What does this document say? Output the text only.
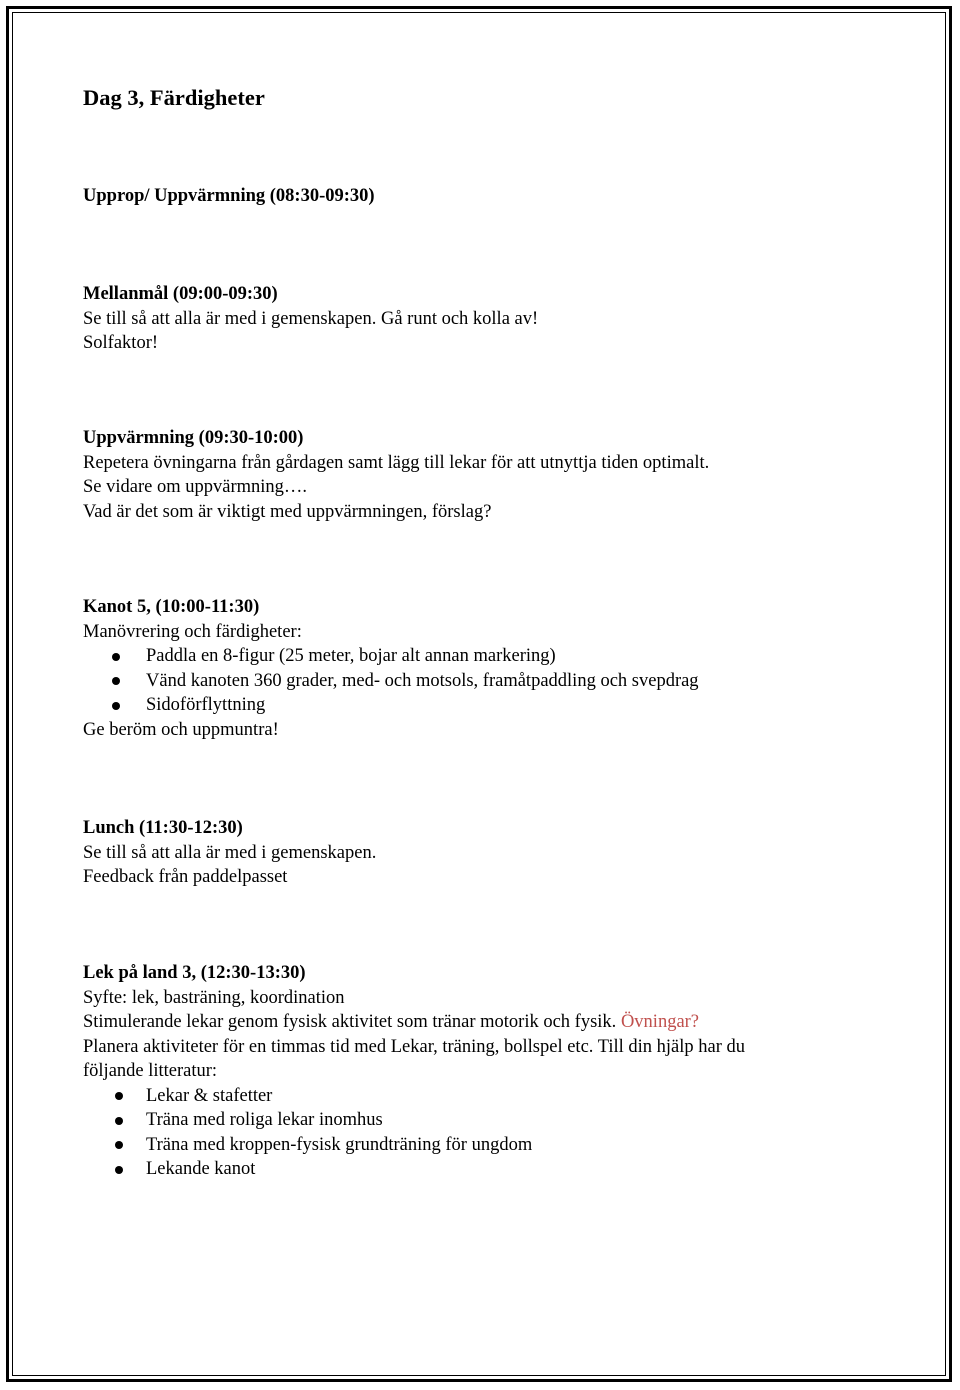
Dag 3, Färdigheter
Upprop/ Uppvärmning (08:30-09:30)
Mellanmål (09:00-09:30)
Se till så att alla är med i gemenskapen. Gå runt och kolla av!
Solfaktor!
Uppvärmning (09:30-10:00)
Repetera övningarna från gårdagen samt lägg till lekar för att utnyttja tiden optimalt.
Se vidare om uppvärmning….
Vad är det som är viktigt med uppvärmningen, förslag?
Kanot 5, (10:00-11:30)
Manövrering och färdigheter:
Paddla en 8-figur (25 meter, bojar alt annan markering)
Vänd kanoten 360 grader, med- och motsols, framåtpaddling och svepdrag
Sidoförflyttning
Ge beröm och uppmuntra!
Lunch (11:30-12:30)
Se till så att alla är med i gemenskapen.
Feedback från paddelpasset
Lek på land 3, (12:30-13:30)
Syfte: lek, basträning, koordination
Stimulerande lekar genom fysisk aktivitet som tränar motorik och fysik. Övningar?
Planera aktiviteter för en timmas tid med Lekar, träning, bollspel etc. Till din hjälp har du
följande litteratur:
Lekar & stafetter
Träna med roliga lekar inomhus
Träna med kroppen-fysisk grundträning för ungdom
Lekande kanot
